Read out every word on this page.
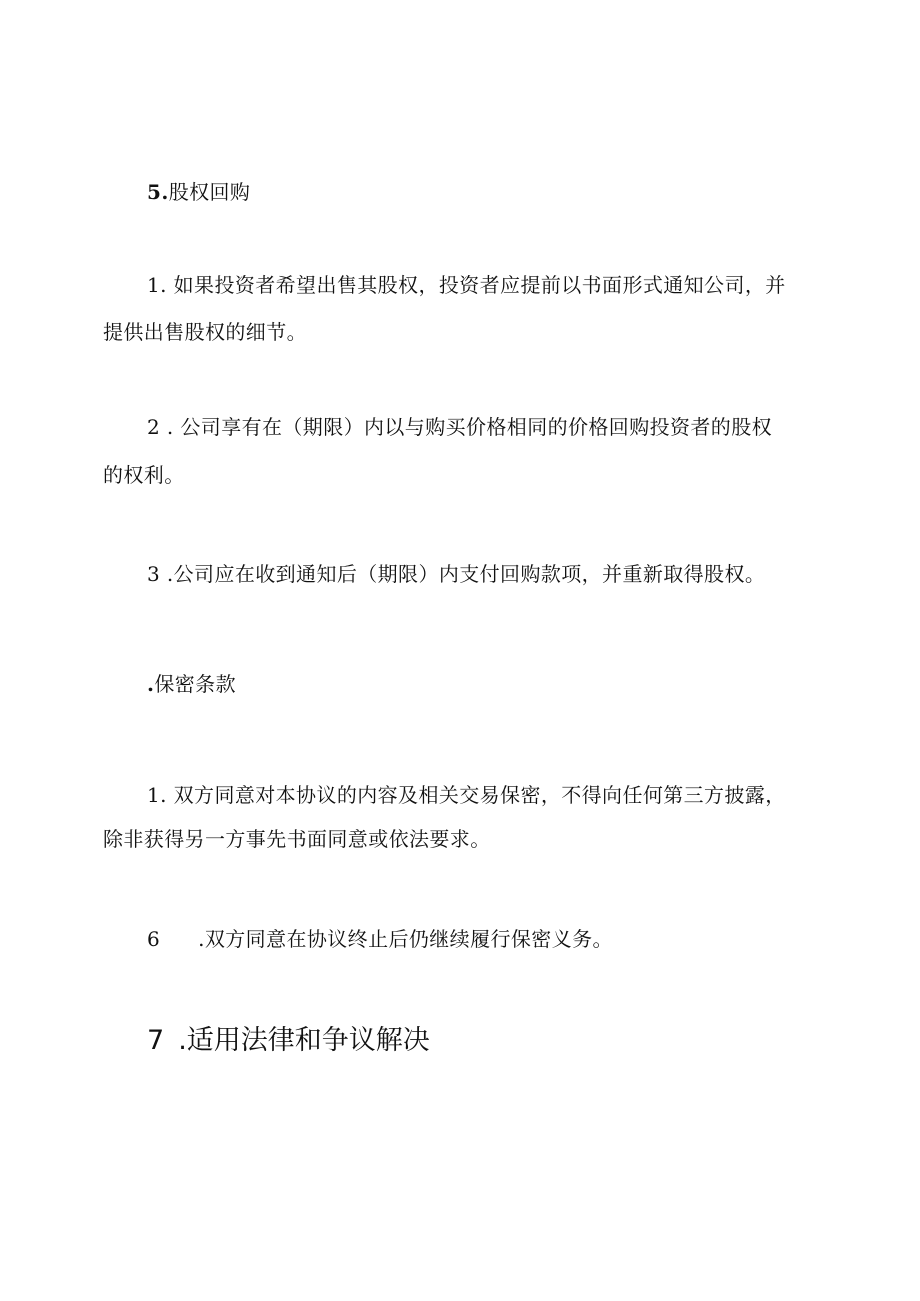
5.股权回购
1. 如果投资者希望出售其股权，投资者应提前以书面形式通知公司，并
提供出售股权的细节。
2 . 公司享有在（期限）内以与购买价格相同的价格回购投资者的股权
的权利。
3 .公司应在收到通知后（期限）内支付回购款项，并重新取得股权。
.保密条款
1. 双方同意对本协议的内容及相关交易保密，不得向任何第三方披露，
除非获得另一方事先书面同意或依法要求。
6 .双方同意在协议终止后仍继续履行保密义务。
7 .适用法律和争议解决
